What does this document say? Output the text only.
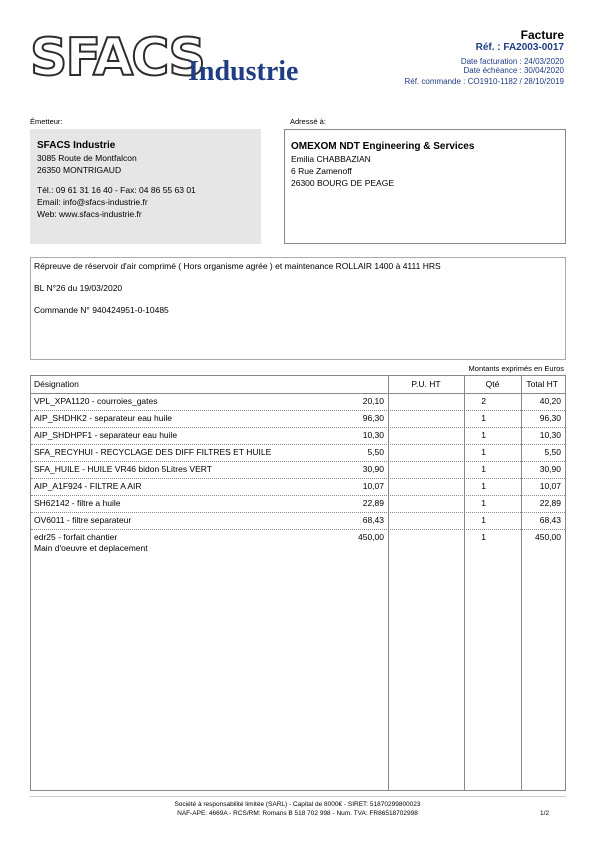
SFACS
Industrie
Facture
Réf. : FA2003-0017
Date facturation : 24/03/2020
Date échéance : 30/04/2020
Réf. commande : CO1910-1182 / 28/10/2019
Émetteur:
SFACS Industrie
3085 Route de Montfalcon
26350 MONTRIGAUD
Tél.: 09 61 31 16 40 - Fax: 04 86 55 63 01
Email: info@sfacs-industrie.fr
Web: www.sfacs-industrie.fr
Adressé à:
OMEXOM NDT Engineering & Services
Emilia CHABBAZIAN
6 Rue Zamenoff
26300 BOURG DE PEAGE
Répreuve de réservoir d'air comprimé ( Hors organisme agrée ) et maintenance ROLLAIR 1400 à 4111 HRS
BL N°26 du 19/03/2020
Commande N° 940424951-0-10485
Montants exprimés en Euros
Désignation	P.U. HT	Qté	Total HT
VPL_XPA1120 - courroies_gates	20,10	2	40,20
AIP_SHDHK2 - separateur eau huile	96,30	1	96,30
AIP_SHDHPF1 - separateur eau huile	10,30	1	10,30
SFA_RECYHUI - RECYCLAGE DES DIFF FILTRES ET HUILE	5,50	1	5,50
SFA_HUILE - HUILE VR46 bidon 5Litres VERT	30,90	1	30,90
AIP_A1F924 - FILTRE A AIR	10,07	1	10,07
SH62142 - filtre a huile	22,89	1	22,89
OV6011 - filtre separateur	68,43	1	68,43
edr25 - forfait chantier
Main d'oeuvre et deplacement
450,00	1	450,00
Société à responsabilité limitée (SARL) - Capital de 8000€ - SIRET: 51870299800023
NAF-APE: 4669A - RCS/RM: Romans B 518 702 998 - Num. TVA: FR86518702998	1/2
